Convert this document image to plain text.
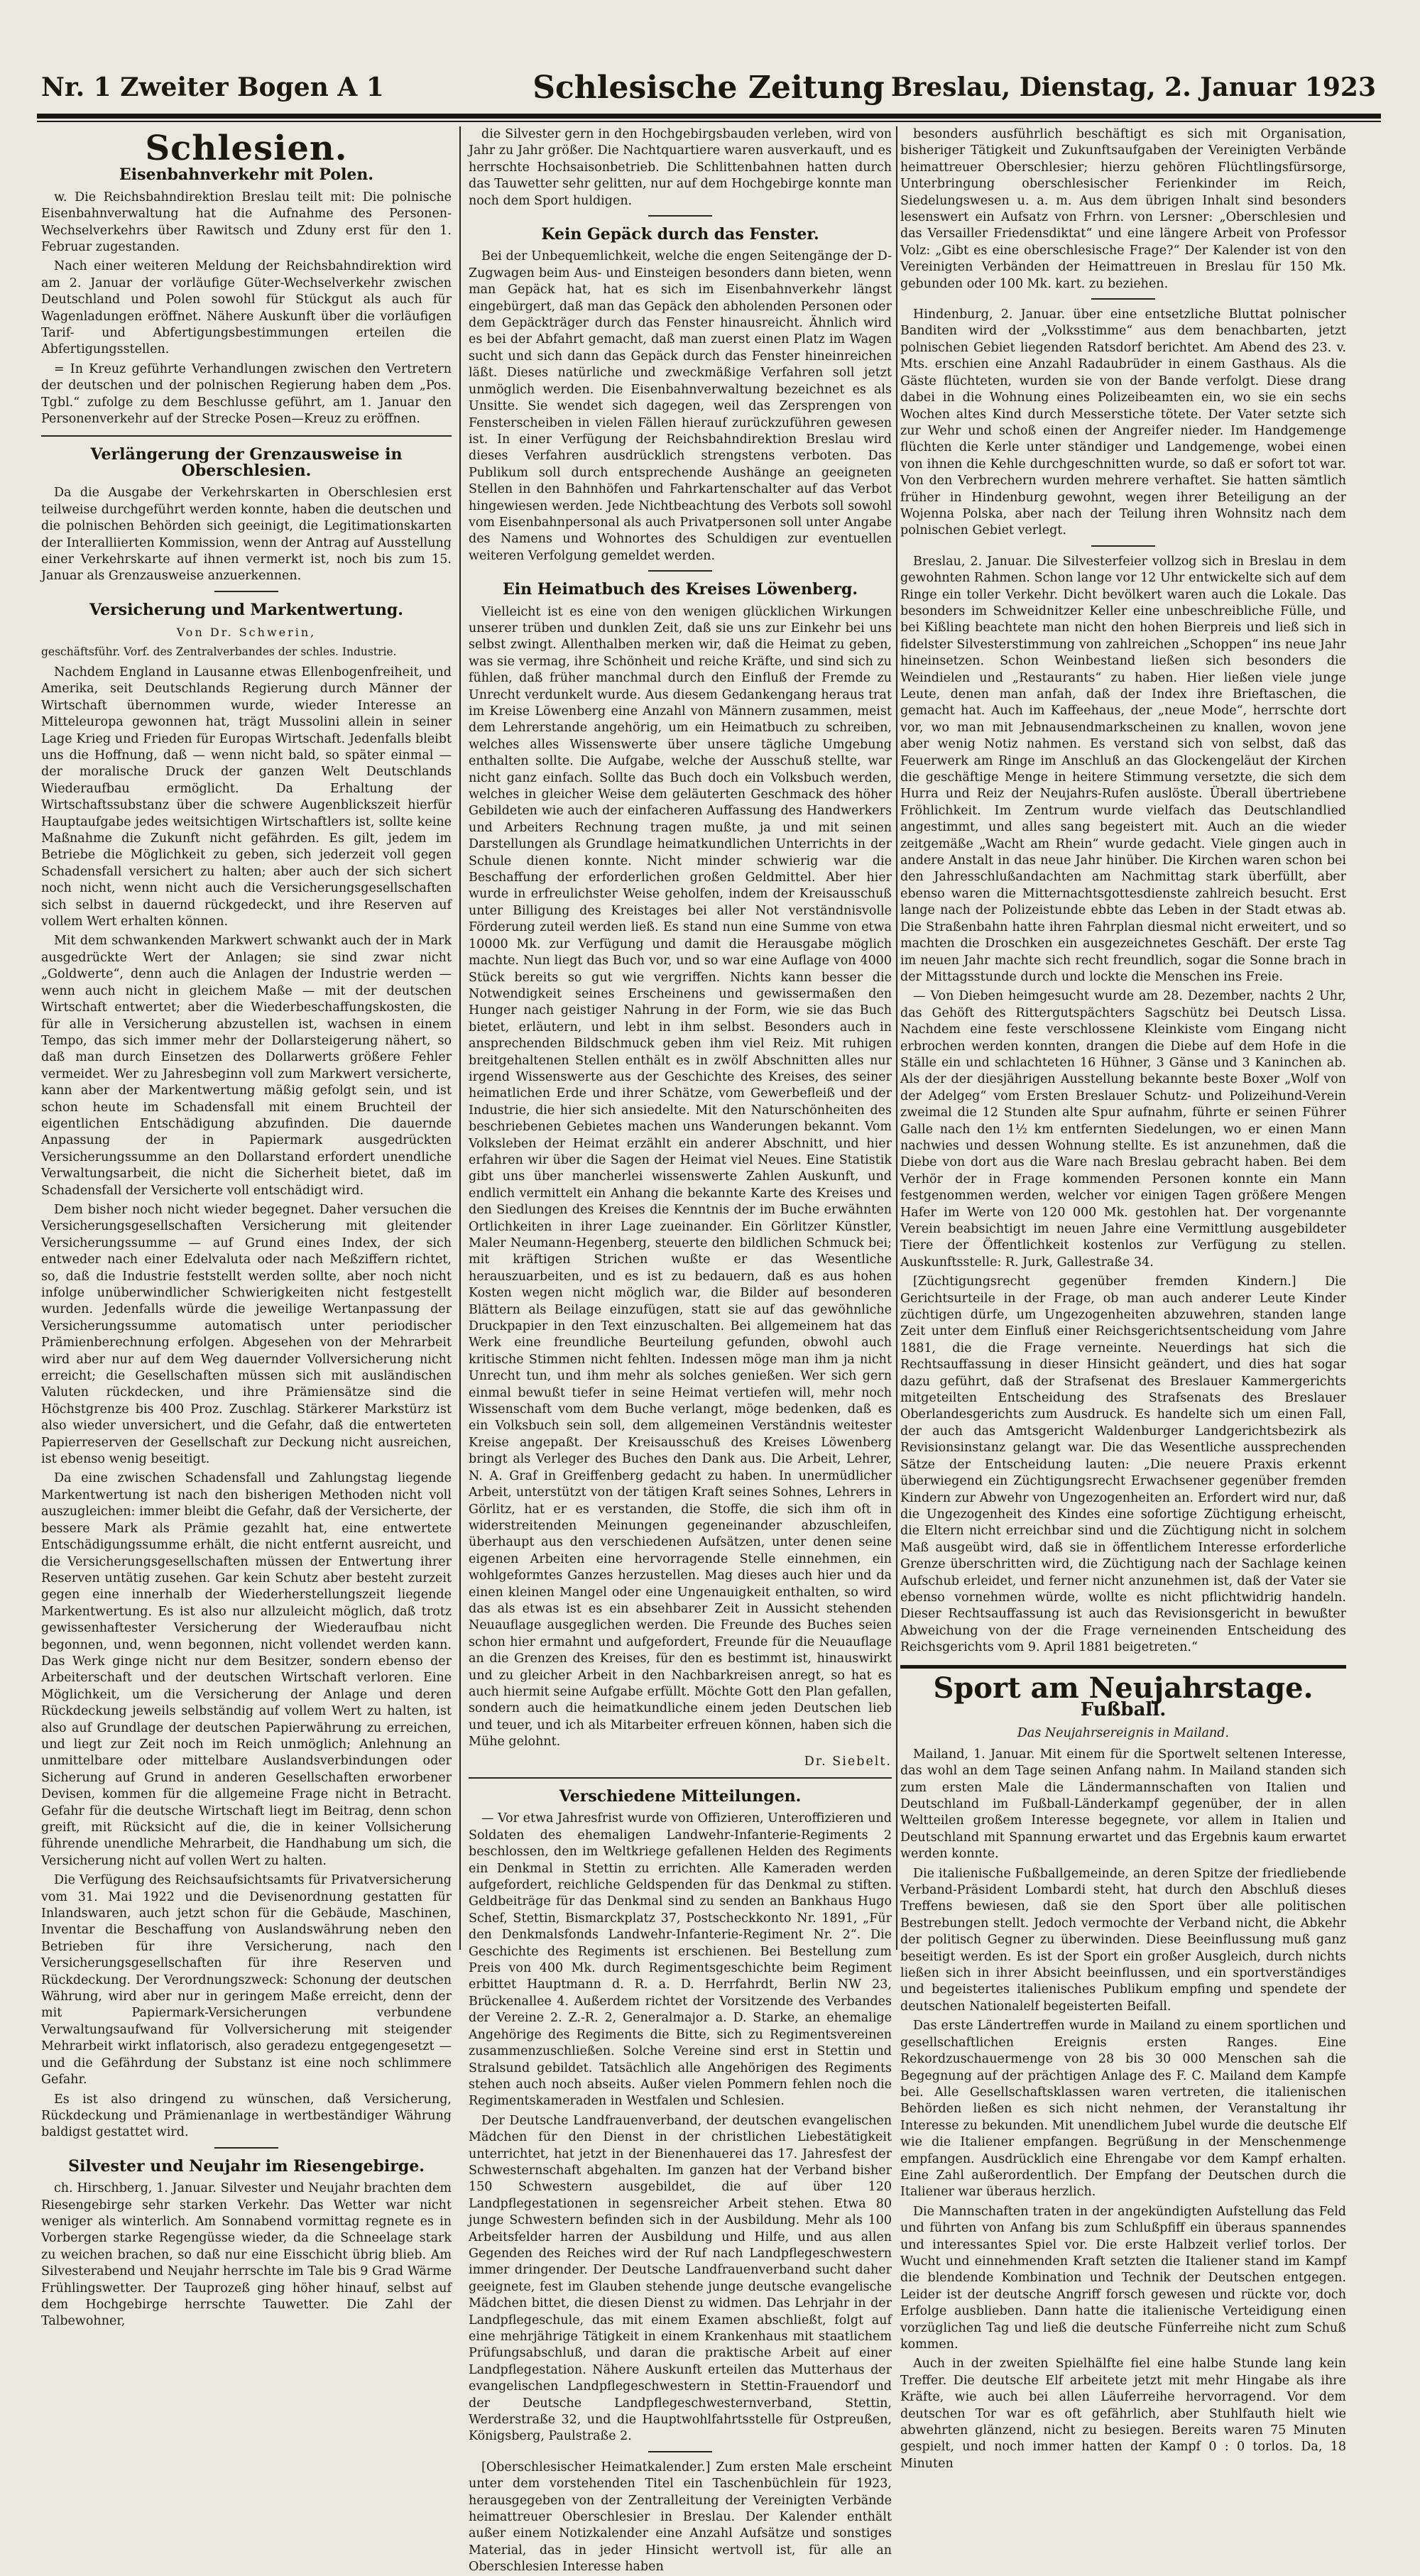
Nr. 1 Zweiter Bogen A 1	Schlesische Zeitung Breslau, Dienstag, 2. Januar 1923
Schlesien.
Eisenbahnverkehr mit Polen.

w. Die Reichsbahndirektion Breslau teilt mit: Die polnische Eisenbahnverwaltung hat die Aufnahme des Personen-Wechselverkehrs über Rawitsch und Zduny erst für den 1. Februar zugestanden.

Nach einer weiteren Meldung der Reichsbahndirektion wird am 2. Januar der vorläufige Güter-Wechselverkehr zwischen Deutschland und Polen sowohl für Stückgut als auch für Wagenladungen eröffnet. Nähere Auskunft über die vorläufigen Tarif- und Abfertigungsbestimmungen erteilen die Abfertigungsstellen.

= In Kreuz geführte Verhandlungen zwischen den Vertretern der deutschen und der polnischen Regierung haben dem „Pos. Tgbl.“ zufolge zu dem Beschlusse geführt, am 1. Januar den Personenverkehr auf der Strecke Posen—Kreuz zu eröffnen.

Verlängerung der Grenzausweise in Oberschlesien.

Da die Ausgabe der Verkehrskarten in Oberschlesien erst teilweise durchgeführt werden konnte, haben die deutschen und die polnischen Behörden sich geeinigt, die Legitimationskarten der Interalliierten Kommission, wenn der Antrag auf Ausstellung einer Verkehrskarte auf ihnen vermerkt ist, noch bis zum 15. Januar als Grenzausweise anzuerkennen.

Versicherung und Markentwertung.
Von Dr. Schwerin,
geschäftsführ. Vorf. des Zentralverbandes der schles. Industrie.

Nachdem England in Lausanne etwas Ellenbogenfreiheit, und Amerika, seit Deutschlands Regierung durch Männer der Wirtschaft übernommen wurde, wieder Interesse an Mitteleuropa gewonnen hat, trägt Mussolini allein in seiner Lage Krieg und Frieden für Europas Wirtschaft. Jedenfalls bleibt uns die Hoffnung, daß — wenn nicht bald, so später einmal — der moralische Druck der ganzen Welt Deutschlands Wiederaufbau ermöglicht. Da Erhaltung der Wirtschaftssubstanz über die schwere Augenblickszeit hierfür Hauptaufgabe jedes weitsichtigen Wirtschaftlers ist, sollte keine Maßnahme die Zukunft nicht gefährden. Es gilt, jedem im Betriebe die Möglichkeit zu geben, sich jederzeit voll gegen Schadensfall versichert zu halten; aber auch der sich sichert noch nicht, wenn nicht auch die Versicherungsgesellschaften sich selbst in dauernd rückgedeckt, und ihre Reserven auf vollem Wert erhalten können.

Mit dem schwankenden Markwert schwankt auch der in Mark ausgedrückte Wert der Anlagen; sie sind zwar nicht „Goldwerte“, denn auch die Anlagen der Industrie werden — wenn auch nicht in gleichem Maße — mit der deutschen Wirtschaft entwertet; aber die Wiederbeschaffungskosten, die für alle in Versicherung abzustellen ist, wachsen in einem Tempo, das sich immer mehr der Dollarsteigerung nähert, so daß man durch Einsetzen des Dollarwerts größere Fehler vermeidet. Wer zu Jahresbeginn voll zum Markwert versicherte, kann aber der Markentwertung mäßig gefolgt sein, und ist schon heute im Schadensfall mit einem Bruchteil der eigentlichen Entschädigung abzufinden. Die dauernde Anpassung der in Papiermark ausgedrückten Versicherungssumme an den Dollarstand erfordert unendliche Verwaltungsarbeit, die nicht die Sicherheit bietet, daß im Schadensfall der Versicherte voll entschädigt wird.

Dem bisher noch nicht wieder begegnet. Daher versuchen die Versicherungsgesellschaften Versicherung mit gleitender Versicherungssumme — auf Grund eines Index, der sich entweder nach einer Edelvaluta oder nach Meßziffern richtet, so, daß die Industrie feststellt werden sollte, aber noch nicht infolge unüberwindlicher Schwierigkeiten nicht festgestellt wurden. Jedenfalls würde die jeweilige Wertanpassung der Versicherungssumme automatisch unter periodischer Prämienberechnung erfolgen. Abgesehen von der Mehrarbeit wird aber nur auf dem Weg dauernder Vollversicherung nicht erreicht; die Gesellschaften müssen sich mit ausländischen Valuten rückdecken, und ihre Prämiensätze sind die Höchstgrenze bis 400 Proz. Zuschlag. Stärkerer Markstürz ist also wieder unversichert, und die Gefahr, daß die entwerteten Papierreserven der Gesellschaft zur Deckung nicht ausreichen, ist ebenso wenig beseitigt.

Da eine zwischen Schadensfall und Zahlungstag liegende Markentwertung ist nach den bisherigen Methoden nicht voll auszugleichen: immer bleibt die Gefahr, daß der Versicherte, der bessere Mark als Prämie gezahlt hat, eine entwertete Entschädigungssumme erhält, die nicht entfernt ausreicht, und die Versicherungsgesellschaften müssen der Entwertung ihrer Reserven untätig zusehen. Gar kein Schutz aber besteht zurzeit gegen eine innerhalb der Wiederherstellungszeit liegende Markentwertung. Es ist also nur allzuleicht möglich, daß trotz gewissenhaftester Versicherung der Wiederaufbau nicht begonnen, und, wenn begonnen, nicht vollendet werden kann. Das Werk ginge nicht nur dem Besitzer, sondern ebenso der Arbeiterschaft und der deutschen Wirtschaft verloren. Eine Möglichkeit, um die Versicherung der Anlage und deren Rückdeckung jeweils selbständig auf vollem Wert zu halten, ist also auf Grundlage der deutschen Papierwährung zu erreichen, und liegt zur Zeit noch im Reich unmöglich; Anlehnung an unmittelbare oder mittelbare Auslandsverbindungen oder Sicherung auf Grund in anderen Gesellschaften erworbener Devisen, kommen für die allgemeine Frage nicht in Betracht. Gefahr für die deutsche Wirtschaft liegt im Beitrag, denn schon greift, mit Rücksicht auf die, die in keiner Vollsicherung führende unendliche Mehrarbeit, die Handhabung um sich, die Versicherung nicht auf vollen Wert zu halten.

Die Verfügung des Reichsaufsichtsamts für Privatversicherung vom 31. Mai 1922 und die Devisenordnung gestatten für Inlandswaren, auch jetzt schon für die Gebäude, Maschinen, Inventar die Beschaffung von Auslandswährung neben den Betrieben für ihre Versicherung, nach den Versicherungsgesellschaften für ihre Reserven und Rückdeckung. Der Verordnungszweck: Schonung der deutschen Währung, wird aber nur in geringem Maße erreicht, denn der mit Papiermark-Versicherungen verbundene Verwaltungsaufwand für Vollversicherung mit steigender Mehrarbeit wirkt inflatorisch, also geradezu entgegengesetzt — und die Gefährdung der Substanz ist eine noch schlimmere Gefahr.

Es ist also dringend zu wünschen, daß Versicherung, Rückdeckung und Prämienanlage in wertbeständiger Währung baldigst gestattet wird.

Silvester und Neujahr im Riesengebirge.

ch. Hirschberg, 1. Januar. Silvester und Neujahr brachten dem Riesengebirge sehr starken Verkehr. Das Wetter war nicht weniger als winterlich. Am Sonnabend vormittag regnete es in Vorbergen starke Regengüsse wieder, da die Schneelage stark zu weichen brachen, so daß nur eine Eisschicht übrig blieb. Am Silvesterabend und Neujahr herrschte im Tale bis 9 Grad Wärme Frühlingswetter. Der Tauprozeß ging höher hinauf, selbst auf dem Hochgebirge herrschte Tauwetter. Die Zahl der Talbewohner,

die Silvester gern in den Hochgebirgsbauden verleben, wird von Jahr zu Jahr größer. Die Nachtquartiere waren ausverkauft, und es herrschte Hochsaisonbetrieb. Die Schlittenbahnen hatten durch das Tauwetter sehr gelitten, nur auf dem Hochgebirge konnte man noch dem Sport huldigen.

Kein Gepäck durch das Fenster.

Bei der Unbequemlichkeit, welche die engen Seitengänge der D-Zugwagen beim Aus- und Einsteigen besonders dann bieten, wenn man Gepäck hat, hat es sich im Eisenbahnverkehr längst eingebürgert, daß man das Gepäck den abholenden Personen oder dem Gepäckträger durch das Fenster hinausreicht. Ähnlich wird es bei der Abfahrt gemacht, daß man zuerst einen Platz im Wagen sucht und sich dann das Gepäck durch das Fenster hineinreichen läßt. Dieses natürliche und zweckmäßige Verfahren soll jetzt unmöglich werden. Die Eisenbahnverwaltung bezeichnet es als Unsitte. Sie wendet sich dagegen, weil das Zersprengen von Fensterscheiben in vielen Fällen hierauf zurückzuführen gewesen ist. In einer Verfügung der Reichsbahndirektion Breslau wird dieses Verfahren ausdrücklich strengstens verboten. Das Publikum soll durch entsprechende Aushänge an geeigneten Stellen in den Bahnhöfen und Fahrkartenschalter auf das Verbot hingewiesen werden. Jede Nichtbeachtung des Verbots soll sowohl vom Eisenbahnpersonal als auch Privatpersonen soll unter Angabe des Namens und Wohnortes des Schuldigen zur eventuellen weiteren Verfolgung gemeldet werden.

Ein Heimatbuch des Kreises Löwenberg.

Vielleicht ist es eine von den wenigen glücklichen Wirkungen unserer trüben und dunklen Zeit, daß sie uns zur Einkehr bei uns selbst zwingt. Allenthalben merken wir, daß die Heimat zu geben, was sie vermag, ihre Schönheit und reiche Kräfte, und sind sich zu fühlen, daß früher manchmal durch den Einfluß der Fremde zu Unrecht verdunkelt wurde. Aus diesem Gedankengang heraus trat im Kreise Löwenberg eine Anzahl von Männern zusammen, meist dem Lehrerstande angehörig, um ein Heimatbuch zu schreiben, welches alles Wissenswerte über unsere tägliche Umgebung enthalten sollte. Die Aufgabe, welche der Ausschuß stellte, war nicht ganz einfach. Sollte das Buch doch ein Volksbuch werden, welches in gleicher Weise dem geläuterten Geschmack des höher Gebildeten wie auch der einfacheren Auffassung des Handwerkers und Arbeiters Rechnung tragen mußte, ja und mit seinen Darstellungen als Grundlage heimatkundlichen Unterrichts in der Schule dienen konnte. Nicht minder schwierig war die Beschaffung der erforderlichen großen Geldmittel. Aber hier wurde in erfreulichster Weise geholfen, indem der Kreisausschuß unter Billigung des Kreistages bei aller Not verständnisvolle Förderung zuteil werden ließ. Es stand nun eine Summe von etwa 10000 Mk. zur Verfügung und damit die Herausgabe möglich machte. Nun liegt das Buch vor, und so war eine Auflage von 4000 Stück bereits so gut wie vergriffen. Nichts kann besser die Notwendigkeit seines Erscheinens und gewissermaßen den Hunger nach geistiger Nahrung in der Form, wie sie das Buch bietet, erläutern, und lebt in ihm selbst. Besonders auch in ansprechenden Bildschmuck geben ihm viel Reiz. Mit ruhigen breitgehaltenen Stellen enthält es in zwölf Abschnitten alles nur irgend Wissenswerte aus der Geschichte des Kreises, des seiner heimatlichen Erde und ihrer Schätze, vom Gewerbefleiß und der Industrie, die hier sich ansiedelte. Mit den Naturschönheiten des beschriebenen Gebietes machen uns Wanderungen bekannt. Vom Volksleben der Heimat erzählt ein anderer Abschnitt, und hier erfahren wir über die Sagen der Heimat viel Neues. Eine Statistik gibt uns über mancherlei wissenswerte Zahlen Auskunft, und endlich vermittelt ein Anhang die bekannte Karte des Kreises und den Siedlungen des Kreises die Kenntnis der im Buche erwähnten Ortlichkeiten in ihrer Lage zueinander. Ein Görlitzer Künstler, Maler Neumann-Hegenberg, steuerte den bildlichen Schmuck bei; mit kräftigen Strichen wußte er das Wesentliche herauszuarbeiten, und es ist zu bedauern, daß es aus hohen Kosten wegen nicht möglich war, die Bilder auf besonderen Blättern als Beilage einzufügen, statt sie auf das gewöhnliche Druckpapier in den Text einzuschalten. Bei allgemeinem hat das Werk eine freundliche Beurteilung gefunden, obwohl auch kritische Stimmen nicht fehlten. Indessen möge man ihm ja nicht Unrecht tun, und ihm mehr als solches genießen. Wer sich gern einmal bewußt tiefer in seine Heimat vertiefen will, mehr noch Wissenschaft vom dem Buche verlangt, möge bedenken, daß es ein Volksbuch sein soll, dem allgemeinen Verständnis weitester Kreise angepaßt. Der Kreisausschuß des Kreises Löwenberg bringt als Verleger des Buches den Dank aus. Die Arbeit, Lehrer, N. A. Graf in Greiffenberg gedacht zu haben. In unermüdlicher Arbeit, unterstützt von der tätigen Kraft seines Sohnes, Lehrers in Görlitz, hat er es verstanden, die Stoffe, die sich ihm oft in widerstreitenden Meinungen gegeneinander abzuschleifen, überhaupt aus den verschiedenen Aufsätzen, unter denen seine eigenen Arbeiten eine hervorragende Stelle einnehmen, ein wohlgeformtes Ganzes herzustellen. Mag dieses auch hier und da einen kleinen Mangel oder eine Ungenauigkeit enthalten, so wird das als etwas ist es ein absehbarer Zeit in Aussicht stehenden Neuauflage ausgeglichen werden. Die Freunde des Buches seien schon hier ermahnt und aufgefordert, Freunde für die Neuauflage an die Grenzen des Kreises, für den es bestimmt ist, hinauswirkt und zu gleicher Arbeit in den Nachbarkreisen anregt, so hat es auch hiermit seine Aufgabe erfüllt. Möchte Gott den Plan gefallen, sondern auch die heimatkundliche einem jeden Deutschen lieb und teuer, und ich als Mitarbeiter erfreuen können, haben sich die Mühe gelohnt.

Dr. Siebelt.
Verschiedene Mitteilungen.

— Vor etwa Jahresfrist wurde von Offizieren, Unteroffizieren und Soldaten des ehemaligen Landwehr-Infanterie-Regiments 2 beschlossen, den im Weltkriege gefallenen Helden des Regiments ein Denkmal in Stettin zu errichten. Alle Kameraden werden aufgefordert, reichliche Geldspenden für das Denkmal zu stiften. Geldbeiträge für das Denkmal sind zu senden an Bankhaus Hugo Schef, Stettin, Bismarckplatz 37, Postscheckkonto Nr. 1891, „Für den Denkmalsfonds Landwehr-Infanterie-Regiment Nr. 2“. Die Geschichte des Regiments ist erschienen. Bei Bestellung zum Preis von 400 Mk. durch Regimentsgeschichte beim Regiment erbittet Hauptmann d. R. a. D. Herrfahrdt, Berlin NW 23, Brückenallee 4. Außerdem richtet der Vorsitzende des Verbandes der Vereine 2. Z.-R. 2, Generalmajor a. D. Starke, an ehemalige Angehörige des Regiments die Bitte, sich zu Regimentsvereinen zusammenzuschließen. Solche Vereine sind erst in Stettin und Stralsund gebildet. Tatsächlich alle Angehörigen des Regiments stehen auch noch abseits. Außer vielen Pommern fehlen noch die Regimentskameraden in Westfalen und Schlesien.

Der Deutsche Landfrauenverband, der deutschen evangelischen Mädchen für den Dienst in der christlichen Liebestätigkeit unterrichtet, hat jetzt in der Bienenhauerei das 17. Jahresfest der Schwesternschaft abgehalten. Im ganzen hat der Verband bisher 150 Schwestern ausgebildet, die auf über 120 Landpflegestationen in segensreicher Arbeit stehen. Etwa 80 junge Schwestern befinden sich in der Ausbildung. Mehr als 100 Arbeitsfelder harren der Ausbildung und Hilfe, und aus allen Gegenden des Reiches wird der Ruf nach Landpflegeschwestern immer dringender. Der Deutsche Landfrauenverband sucht daher geeignete, fest im Glauben stehende junge deutsche evangelische Mädchen bittet, die diesen Dienst zu widmen. Das Lehrjahr in der Landpflegeschule, das mit einem Examen abschließt, folgt auf eine mehrjährige Tätigkeit in einem Krankenhaus mit staatlichem Prüfungsabschluß, und daran die praktische Arbeit auf einer Landpflegestation. Nähere Auskunft erteilen das Mutterhaus der evangelischen Landpflegeschwestern in Stettin-Frauendorf und der Deutsche Landpflegeschwesternverband, Stettin, Werderstraße 32, und die Hauptwohlfahrtsstelle für Ostpreußen, Königsberg, Paulstraße 2.

[Oberschlesischer Heimatkalender.] Zum ersten Male erscheint unter dem vorstehenden Titel ein Taschenbüchlein für 1923, herausgegeben von der Zentralleitung der Vereinigten Verbände heimattreuer Oberschlesier in Breslau. Der Kalender enthält außer einem Notizkalender eine Anzahl Aufsätze und sonstiges Material, das in jeder Hinsicht wertvoll ist, für alle an Oberschlesien Interesse haben

besonders ausführlich beschäftigt es sich mit Organisation, bisheriger Tätigkeit und Zukunftsaufgaben der Vereinigten Verbände heimattreuer Oberschlesier; hierzu gehören Flüchtlingsfürsorge, Unterbringung oberschlesischer Ferienkinder im Reich, Siedelungswesen u. a. m. Aus dem übrigen Inhalt sind besonders lesenswert ein Aufsatz von Frhrn. von Lersner: „Oberschlesien und das Versailler Friedensdiktat“ und eine längere Arbeit von Professor Volz: „Gibt es eine oberschlesische Frage?“ Der Kalender ist von den Vereinigten Verbänden der Heimattreuen in Breslau für 150 Mk. gebunden oder 100 Mk. kart. zu beziehen.

Hindenburg, 2. Januar. über eine entsetzliche Bluttat polnischer Banditen wird der „Volksstimme“ aus dem benachbarten, jetzt polnischen Gebiet liegenden Ratsdorf berichtet. Am Abend des 23. v. Mts. erschien eine Anzahl Radaubrüder in einem Gasthaus. Als die Gäste flüchteten, wurden sie von der Bande verfolgt. Diese drang dabei in die Wohnung eines Polizeibeamten ein, wo sie ein sechs Wochen altes Kind durch Messerstiche tötete. Der Vater setzte sich zur Wehr und schoß einen der Angreifer nieder. Im Handgemenge flüchten die Kerle unter ständiger und Landgemenge, wobei einen von ihnen die Kehle durchgeschnitten wurde, so daß er sofort tot war. Von den Verbrechern wurden mehrere verhaftet. Sie hatten sämtlich früher in Hindenburg gewohnt, wegen ihrer Beteiligung an der Wojenna Polska, aber nach der Teilung ihren Wohnsitz nach dem polnischen Gebiet verlegt.

Breslau, 2. Januar. Die Silvesterfeier vollzog sich in Breslau in dem gewohnten Rahmen. Schon lange vor 12 Uhr entwickelte sich auf dem Ringe ein toller Verkehr. Dicht bevölkert waren auch die Lokale. Das besonders im Schweidnitzer Keller eine unbeschreibliche Fülle, und bei Kißling beachtete man nicht den hohen Bierpreis und ließ sich in fidelster Silvesterstimmung von zahlreichen „Schoppen“ ins neue Jahr hineinsetzen. Schon Weinbestand ließen sich besonders die Weindielen und „Restaurants“ zu haben. Hier ließen viele junge Leute, denen man anfah, daß der Index ihre Brieftaschen, die gemacht hat. Auch im Kaffeehaus, der „neue Mode“, herrschte dort vor, wo man mit Jebnausendmarkscheinen zu knallen, wovon jene aber wenig Notiz nahmen. Es verstand sich von selbst, daß das Feuerwerk am Ringe im Anschluß an das Glockengeläut der Kirchen die geschäftige Menge in heitere Stimmung versetzte, die sich dem Hurra und Reiz der Neujahrs-Rufen auslöste. Überall übertriebene Fröhlichkeit. Im Zentrum wurde vielfach das Deutschlandlied angestimmt, und alles sang begeistert mit. Auch an die wieder zeitgemäße „Wacht am Rhein“ wurde gedacht. Viele gingen auch in andere Anstalt in das neue Jahr hinüber. Die Kirchen waren schon bei den Jahresschlußandachten am Nachmittag stark überfüllt, aber ebenso waren die Mitternachtsgottesdienste zahlreich besucht. Erst lange nach der Polizeistunde ebbte das Leben in der Stadt etwas ab. Die Straßenbahn hatte ihren Fahrplan diesmal nicht erweitert, und so machten die Droschken ein ausgezeichnetes Geschäft. Der erste Tag im neuen Jahr machte sich recht freundlich, sogar die Sonne brach in der Mittagsstunde durch und lockte die Menschen ins Freie.

— Von Dieben heimgesucht wurde am 28. Dezember, nachts 2 Uhr, das Gehöft des Rittergutspächters Sagschütz bei Deutsch Lissa. Nachdem eine feste verschlossene Kleinkiste vom Eingang nicht erbrochen werden konnten, drangen die Diebe auf dem Hofe in die Ställe ein und schlachteten 16 Hühner, 3 Gänse und 3 Kaninchen ab. Als der der diesjährigen Ausstellung bekannte beste Boxer „Wolf von der Adelgeg“ vom Ersten Breslauer Schutz- und Polizeihund-Verein zweimal die 12 Stunden alte Spur aufnahm, führte er seinen Führer Galle nach den 1½ km entfernten Siedelungen, wo er einen Mann nachwies und dessen Wohnung stellte. Es ist anzunehmen, daß die Diebe von dort aus die Ware nach Breslau gebracht haben. Bei dem Verhör der in Frage kommenden Personen konnte ein Mann festgenommen werden, welcher vor einigen Tagen größere Mengen Hafer im Werte von 120 000 Mk. gestohlen hat. Der vorgenannte Verein beabsichtigt im neuen Jahre eine Vermittlung ausgebildeter Tiere der Öffentlichkeit kostenlos zur Verfügung zu stellen. Auskunftsstelle: R. Jurk, Gallestraße 34.

[Züchtigungsrecht gegenüber fremden Kindern.] Die Gerichtsurteile in der Frage, ob man auch anderer Leute Kinder züchtigen dürfe, um Ungezogenheiten abzuwehren, standen lange Zeit unter dem Einfluß einer Reichsgerichtsentscheidung vom Jahre 1881, die die Frage verneinte. Neuerdings hat sich die Rechtsauffassung in dieser Hinsicht geändert, und dies hat sogar dazu geführt, daß der Strafsenat des Breslauer Kammergerichts mitgeteilten Entscheidung des Strafsenats des Breslauer Oberlandesgerichts zum Ausdruck. Es handelte sich um einen Fall, der auch das Amtsgericht Waldenburger Landgerichtsbezirk als Revisionsinstanz gelangt war. Die das Wesentliche aussprechenden Sätze der Entscheidung lauten: „Die neuere Praxis erkennt überwiegend ein Züchtigungsrecht Erwachsener gegenüber fremden Kindern zur Abwehr von Ungezogenheiten an. Erfordert wird nur, daß die Ungezogenheit des Kindes eine sofortige Züchtigung erheischt, die Eltern nicht erreichbar sind und die Züchtigung nicht in solchem Maß ausgeübt wird, daß sie in öffentlichem Interesse erforderliche Grenze überschritten wird, die Züchtigung nach der Sachlage keinen Aufschub erleidet, und ferner nicht anzunehmen ist, daß der Vater sie ebenso vornehmen würde, wollte es nicht pflichtwidrig handeln. Dieser Rechtsauffassung ist auch das Revisionsgericht in bewußter Abweichung von der die Frage verneinenden Entscheidung des Reichsgerichts vom 9. April 1881 beigetreten.“

Sport am Neujahrstage.
Fußball.
Das Neujahrsereignis in Mailand.

Mailand, 1. Januar. Mit einem für die Sportwelt seltenen Interesse, das wohl an dem Tage seinen Anfang nahm. In Mailand standen sich zum ersten Male die Ländermannschaften von Italien und Deutschland im Fußball-Länderkampf gegenüber, der in allen Weltteilen großem Interesse begegnete, vor allem in Italien und Deutschland mit Spannung erwartet und das Ergebnis kaum erwartet werden konnte.

Die italienische Fußballgemeinde, an deren Spitze der friedliebende Verband-Präsident Lombardi steht, hat durch den Abschluß dieses Treffens bewiesen, daß sie den Sport über alle politischen Bestrebungen stellt. Jedoch vermochte der Verband nicht, die Abkehr der politisch Gegner zu überwinden. Diese Beeinflussung muß ganz beseitigt werden. Es ist der Sport ein großer Ausgleich, durch nichts ließen sich in ihrer Absicht beeinflussen, und ein sportverständiges und begeistertes italienisches Publikum empfing und spendete der deutschen Nationalelf begeisterten Beifall.

Das erste Ländertreffen wurde in Mailand zu einem sportlichen und gesellschaftlichen Ereignis ersten Ranges. Eine Rekordzuschauermenge von 28 bis 30 000 Menschen sah die Begegnung auf der prächtigen Anlage des F. C. Mailand dem Kampfe bei. Alle Gesellschaftsklassen waren vertreten, die italienischen Behörden ließen es sich nicht nehmen, der Veranstaltung ihr Interesse zu bekunden. Mit unendlichem Jubel wurde die deutsche Elf wie die Italiener empfangen. Begrüßung in der Menschenmenge empfangen. Ausdrücklich eine Ehrengabe vor dem Kampf erhalten. Eine Zahl außerordentlich. Der Empfang der Deutschen durch die Italiener war überaus herzlich.

Die Mannschaften traten in der angekündigten Aufstellung das Feld und führten von Anfang bis zum Schlußpfiff ein überaus spannendes und interessantes Spiel vor. Die erste Halbzeit verlief torlos. Der Wucht und einnehmenden Kraft setzten die Italiener stand im Kampf die blendende Kombination und Technik der Deutschen entgegen. Leider ist der deutsche Angriff forsch gewesen und rückte vor, doch Erfolge ausblieben. Dann hatte die italienische Verteidigung einen vorzüglichen Tag und ließ die deutsche Fünferreihe nicht zum Schuß kommen.

Auch in der zweiten Spielhälfte fiel eine halbe Stunde lang kein Treffer. Die deutsche Elf arbeitete jetzt mit mehr Hingabe als ihre Kräfte, wie auch bei allen Läuferreihe hervorragend. Vor dem deutschen Tor war es oft gefährlich, aber Stuhlfauth hielt wie abwehrten glänzend, nicht zu besiegen. Bereits waren 75 Minuten gespielt, und noch immer hatten der Kampf 0 : 0 torlos. Da, 18 Minuten
